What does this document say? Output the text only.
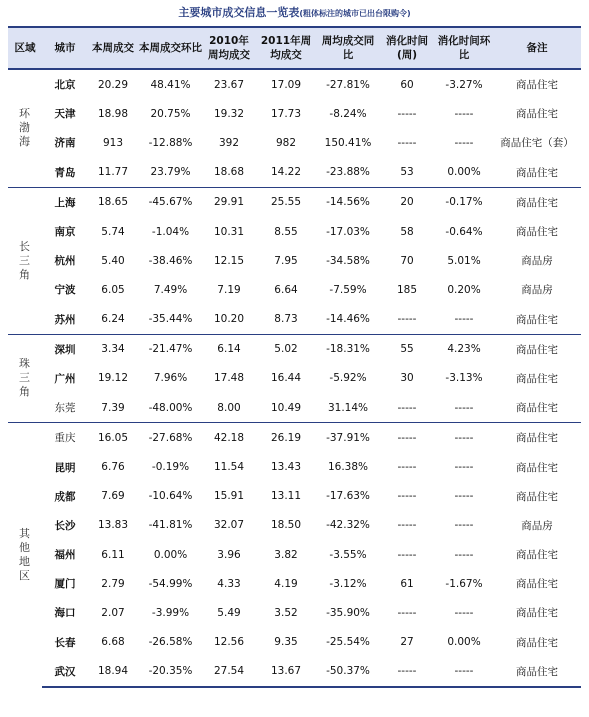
主要城市成交信息一览表(粗体标注的城市已出台限购令)
区域	城市	本周成交	本周成交环比	2010年周均成交	2011年周均成交	周均成交同比	消化时间(周)	消化时间环比	备注
环渤海	北京	20.29	48.41%	23.67	17.09	-27.81%	60	-3.27%	商品住宅
	天津	18.98	20.75%	19.32	17.73	-8.24%	-----	-----	商品住宅
	济南	913	-12.88%	392	982	150.41%	-----	-----	商品住宅（套）
	青岛	11.77	23.79%	18.68	14.22	-23.88%	53	0.00%	商品住宅
长三角	上海	18.65	-45.67%	29.91	25.55	-14.56%	20	-0.17%	商品住宅
	南京	5.74	-1.04%	10.31	8.55	-17.03%	58	-0.64%	商品住宅
	杭州	5.40	-38.46%	12.15	7.95	-34.58%	70	5.01%	商品房
	宁波	6.05	7.49%	7.19	6.64	-7.59%	185	0.20%	商品房
	苏州	6.24	-35.44%	10.20	8.73	-14.46%	-----	-----	商品住宅
珠三角	深圳	3.34	-21.47%	6.14	5.02	-18.31%	55	4.23%	商品住宅
	广州	19.12	7.96%	17.48	16.44	-5.92%	30	-3.13%	商品住宅
	东莞	7.39	-48.00%	8.00	10.49	31.14%	-----	-----	商品住宅
其他地区	重庆	16.05	-27.68%	42.18	26.19	-37.91%	-----	-----	商品住宅
	昆明	6.76	-0.19%	11.54	13.43	16.38%	-----	-----	商品住宅
	成都	7.69	-10.64%	15.91	13.11	-17.63%	-----	-----	商品住宅
	长沙	13.83	-41.81%	32.07	18.50	-42.32%	-----	-----	商品房
	福州	6.11	0.00%	3.96	3.82	-3.55%	-----	-----	商品住宅
	厦门	2.79	-54.99%	4.33	4.19	-3.12%	61	-1.67%	商品住宅
	海口	2.07	-3.99%	5.49	3.52	-35.90%	-----	-----	商品住宅
	长春	6.68	-26.58%	12.56	9.35	-25.54%	27	0.00%	商品住宅
	武汉	18.94	-20.35%	27.54	13.67	-50.37%	-----	-----	商品住宅
